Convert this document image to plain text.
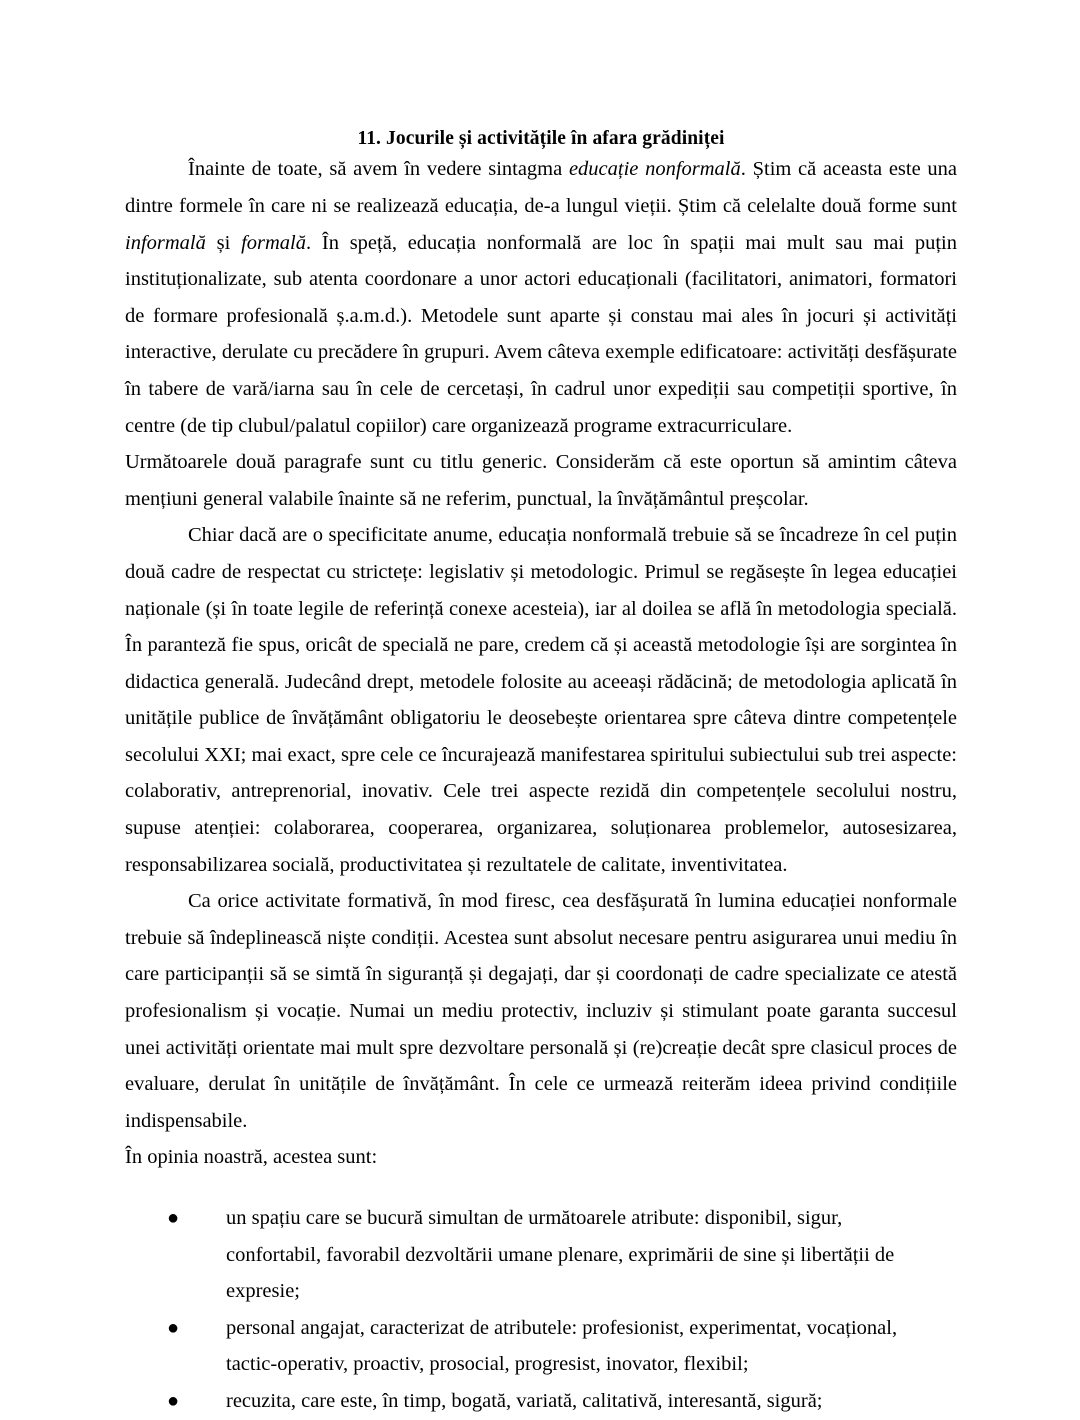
11. Jocurile și activitățile în afara grădiniței

Înainte de toate, să avem în vedere sintagma educație nonformală. Știm că aceasta este una dintre formele în care ni se realizează educația, de-a lungul vieții. Știm că celelalte două forme sunt informală și formală. În speță, educația nonformală are loc în spații mai mult sau mai puțin instituționalizate, sub atenta coordonare a unor actori educaționali (facilitatori, animatori, formatori de formare profesională ș.a.m.d.). Metodele sunt aparte și constau mai ales în jocuri și activități interactive, derulate cu precădere în grupuri. Avem câteva exemple edificatoare: activități desfășurate în tabere de vară/iarna sau în cele de cercetași, în cadrul unor expediții sau competiții sportive, în centre (de tip clubul/palatul copiilor) care organizează programe extracurriculare.

Următoarele două paragrafe sunt cu titlu generic. Considerăm că este oportun să amintim câteva mențiuni general valabile înainte să ne referim, punctual, la învățământul preșcolar.

Chiar dacă are o specificitate anume, educația nonformală trebuie să se încadreze în cel puțin două cadre de respectat cu strictețe: legislativ și metodologic. Primul se regăsește în legea educației naționale (și în toate legile de referință conexe acesteia), iar al doilea se află în metodologia specială. În paranteză fie spus, oricât de specială ne pare, credem că și această metodologie își are sorgintea în didactica generală. Judecând drept, metodele folosite au aceeași rădăcină; de metodologia aplicată în unitățile publice de învățământ obligatoriu le deosebește orientarea spre câteva dintre competențele secolului XXI; mai exact, spre cele ce încurajează manifestarea spiritului subiectului sub trei aspecte: colaborativ, antreprenorial, inovativ. Cele trei aspecte rezidă din competențele secolului nostru, supuse atenției: colaborarea, cooperarea, organizarea, soluționarea problemelor, autosesizarea, responsabilizarea socială, productivitatea și rezultatele de calitate, inventivitatea.

Ca orice activitate formativă, în mod firesc, cea desfășurată în lumina educației nonformale trebuie să îndeplinească niște condiții. Acestea sunt absolut necesare pentru asigurarea unui mediu în care participanții să se simtă în siguranță și degajați, dar și coordonați de cadre specializate ce atestă profesionalism și vocație. Numai un mediu protectiv, incluziv și stimulant poate garanta succesul unei activități orientate mai mult spre dezvoltare personală și (re)creație decât spre clasicul proces de evaluare, derulat în unitățile de învățământ. În cele ce urmează reiterăm ideea privind condițiile indispensabile.

În opinia noastră, acestea sunt:

● un spațiu care se bucură simultan de următoarele atribute: disponibil, sigur, confortabil, favorabil dezvoltării umane plenare, exprimării de sine și libertății de expresie;
● personal angajat, caracterizat de atributele: profesionist, experimentat, vocațional, tactic-operativ, proactiv, prosocial, progresist, inovator, flexibil;
● recuzita, care este, în timp, bogată, variată, calitativă, interesantă, sigură;
